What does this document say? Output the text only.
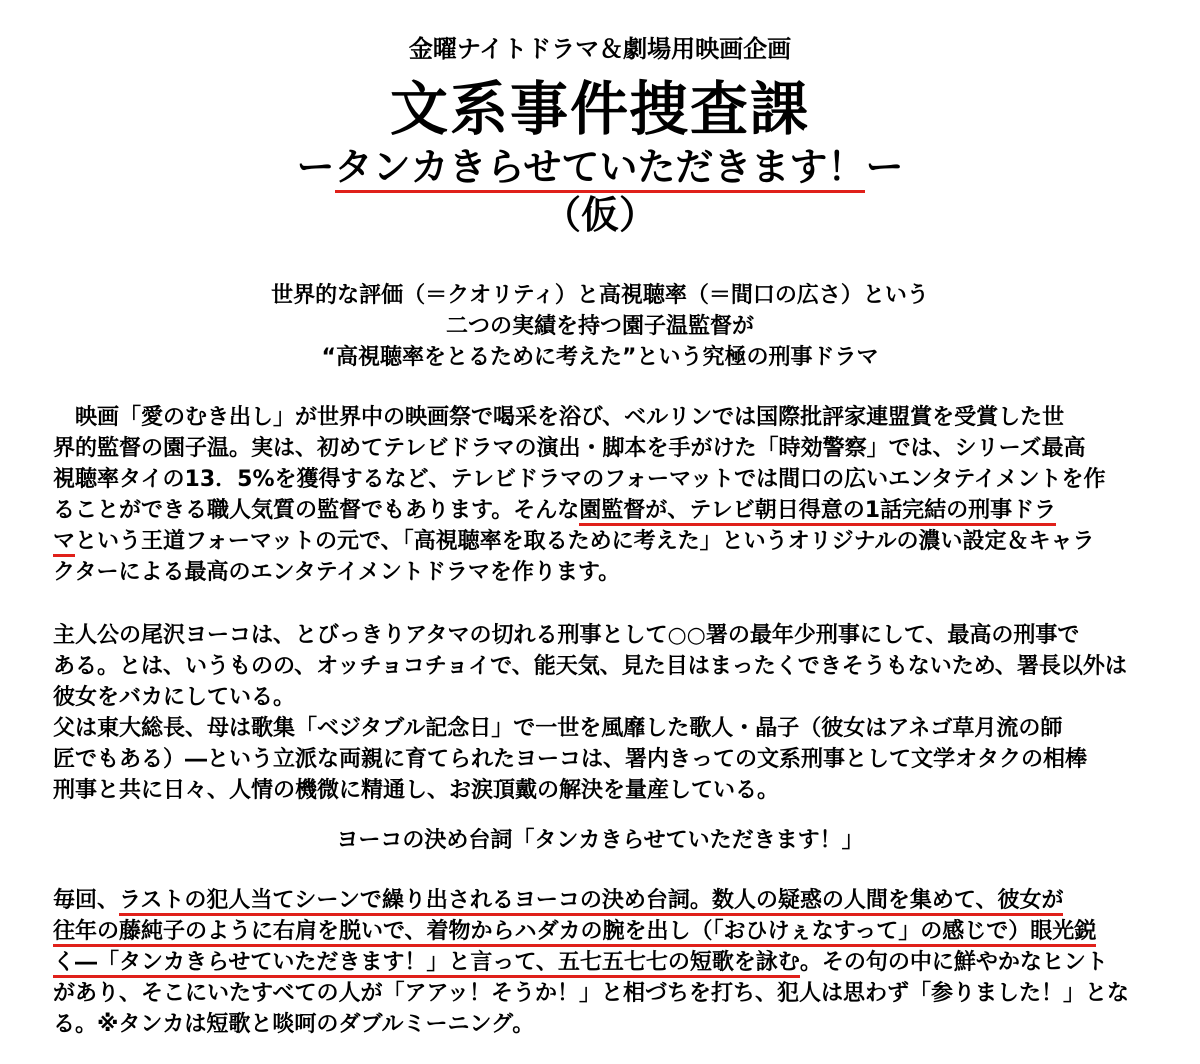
金曜ナイトドラマ＆劇場用映画企画
文系事件捜査課
ータンカきらせていただきます！ー
（仮）
世界的な評価（＝クオリティ）と高視聴率（＝間口の広さ）という
二つの実績を持つ園子温監督が
“高視聴率をとるために考えた”という究極の刑事ドラマ
　映画「愛のむき出し」が世界中の映画祭で喝采を浴び、ベルリンでは国際批評家連盟賞を受賞した世
界的監督の園子温。実は、初めてテレビドラマの演出・脚本を手がけた「時効警察」では、シリーズ最高
視聴率タイの13．5%を獲得するなど、テレビドラマのフォーマットでは間口の広いエンタテイメントを作
ることができる職人気質の監督でもあります。そんな園監督が、テレビ朝日得意の1話完結の刑事ドラ
マという王道フォーマットの元で、「高視聴率を取るために考えた」というオリジナルの濃い設定＆キャラ
クターによる最高のエンタテイメントドラマを作ります。
主人公の尾沢ヨーコは、とびっきりアタマの切れる刑事として○○署の最年少刑事にして、最高の刑事で
ある。とは、いうものの、オッチョコチョイで、能天気、見た目はまったくできそうもないため、署長以外は
彼女をバカにしている。
父は東大総長、母は歌集「ベジタブル記念日」で一世を風靡した歌人・晶子（彼女はアネゴ草月流の師
匠でもある）―という立派な両親に育てられたヨーコは、署内きっての文系刑事として文学オタクの相棒
刑事と共に日々、人情の機微に精通し、お涙頂戴の解決を量産している。
ヨーコの決め台詞「タンカきらせていただきます！」
毎回、ラストの犯人当てシーンで繰り出されるヨーコの決め台詞。数人の疑惑の人間を集めて、彼女が
往年の藤純子のように右肩を脱いで、着物からハダカの腕を出し（「おひけぇなすって」の感じで）眼光鋭
く―「タンカきらせていただきます！」と言って、五七五七七の短歌を詠む。その句の中に鮮やかなヒント
があり、そこにいたすべての人が「アアッ！そうか！」と相づちを打ち、犯人は思わず「参りました！」とな
る。※タンカは短歌と啖呵のダブルミーニング。
